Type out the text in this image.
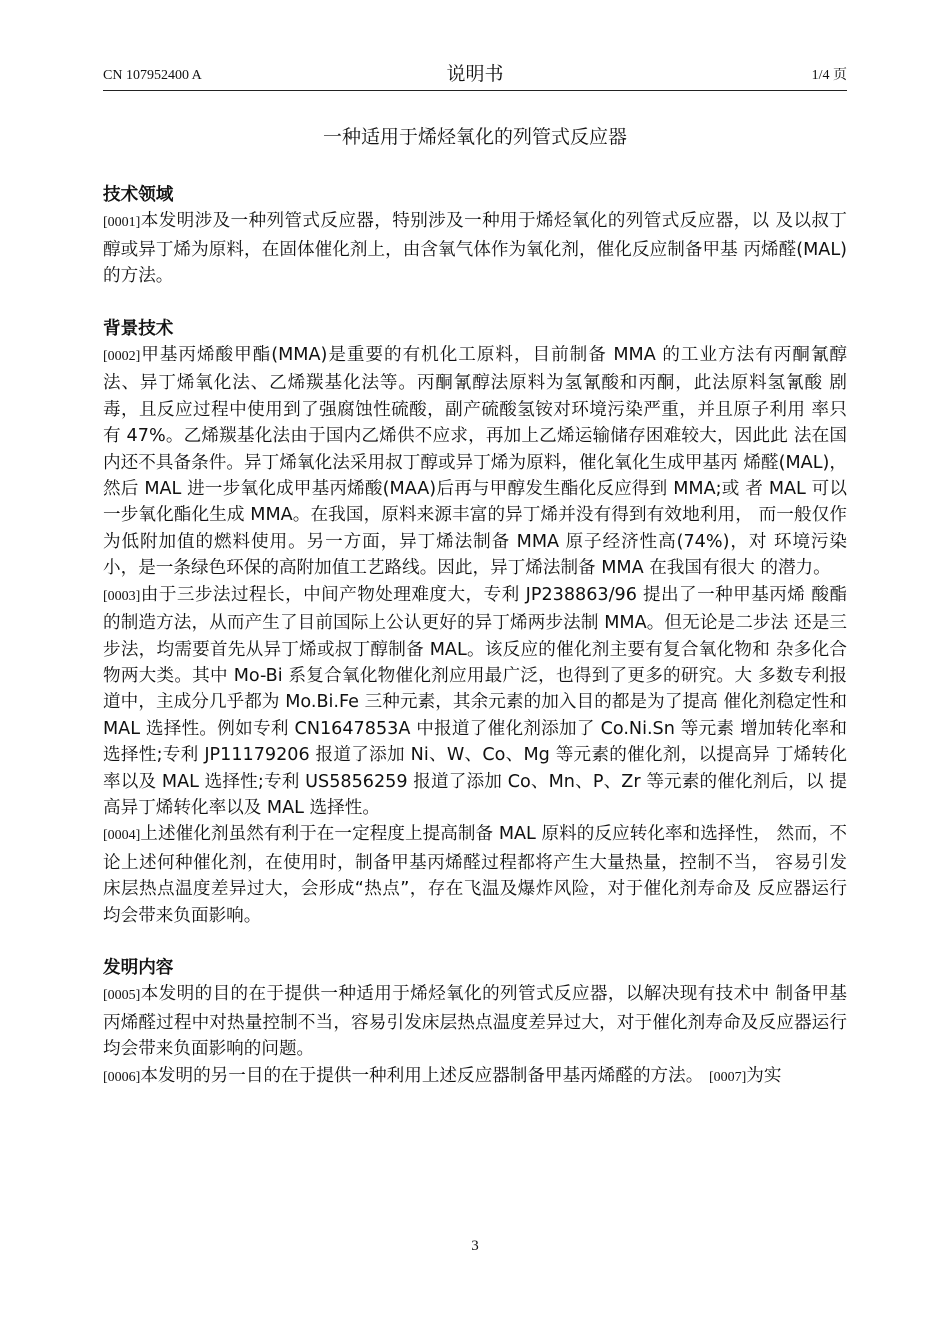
CN 107952400 A	说明书	1/4 页
一种适用于烯烃氧化的列管式反应器

技术领域

[0001]本发明涉及一种列管式反应器，特别涉及一种用于烯烃氧化的列管式反应器，以 及以叔丁醇或异丁烯为原料，在固体催化剂上，由含氧气体作为氧化剂，催化反应制备甲基 丙烯醛(MAL)的方法。

背景技术

[0002]甲基丙烯酸甲酯(MMA)是重要的有机化工原料，目前制备 MMA 的工业方法有丙酮氰醇法、异丁烯氧化法、乙烯羰基化法等。丙酮氰醇法原料为氢氰酸和丙酮，此法原料氢氰酸 剧毒，且反应过程中使用到了强腐蚀性硫酸，副产硫酸氢铵对环境污染严重，并且原子利用 率只有 47%。乙烯羰基化法由于国内乙烯供不应求，再加上乙烯运输储存困难较大，因此此 法在国内还不具备条件。异丁烯氧化法采用叔丁醇或异丁烯为原料，催化氧化生成甲基丙 烯醛(MAL)，然后 MAL 进一步氧化成甲基丙烯酸(MAA)后再与甲醇发生酯化反应得到 MMA;或 者 MAL 可以一步氧化酯化生成 MMA。在我国，原料来源丰富的异丁烯并没有得到有效地利用， 而一般仅作为低附加值的燃料使用。另一方面，异丁烯法制备 MMA 原子经济性高(74%)，对 环境污染小，是一条绿色环保的高附加值工艺路线。因此，异丁烯法制备 MMA 在我国有很大 的潜力。

[0003]由于三步法过程长，中间产物处理难度大，专利 JP238863/96 提出了一种甲基丙烯 酸酯的制造方法，从而产生了目前国际上公认更好的异丁烯两步法制 MMA。但无论是二步法 还是三步法，均需要首先从异丁烯或叔丁醇制备 MAL。该反应的催化剂主要有复合氧化物和 杂多化合物两大类。其中 Mo-Bi 系复合氧化物催化剂应用最广泛，也得到了更多的研究。大 多数专利报道中，主成分几乎都为 Mo.Bi.Fe 三种元素，其余元素的加入目的都是为了提高 催化剂稳定性和 MAL 选择性。例如专利 CN1647853A 中报道了催化剂添加了 Co.Ni.Sn 等元素 增加转化率和选择性;专利 JP11179206 报道了添加 Ni、W、Co、Mg 等元素的催化剂，以提高异 丁烯转化率以及 MAL 选择性;专利 US5856259 报道了添加 Co、Mn、P、Zr 等元素的催化剂后，以 提高异丁烯转化率以及 MAL 选择性。

[0004]上述催化剂虽然有利于在一定程度上提高制备 MAL 原料的反应转化率和选择性， 然而，不论上述何种催化剂，在使用时，制备甲基丙烯醛过程都将产生大量热量，控制不当， 容易引发床层热点温度差异过大，会形成“热点”，存在飞温及爆炸风险，对于催化剂寿命及 反应器运行均会带来负面影响。

发明内容

[0005]本发明的目的在于提供一种适用于烯烃氧化的列管式反应器，以解决现有技术中 制备甲基丙烯醛过程中对热量控制不当，容易引发床层热点温度差异过大，对于催化剂寿命及反应器运行均会带来负面影响的问题。

[0006]本发明的另一目的在于提供一种利用上述反应器制备甲基丙烯醛的方法。 [0007]为实

3
